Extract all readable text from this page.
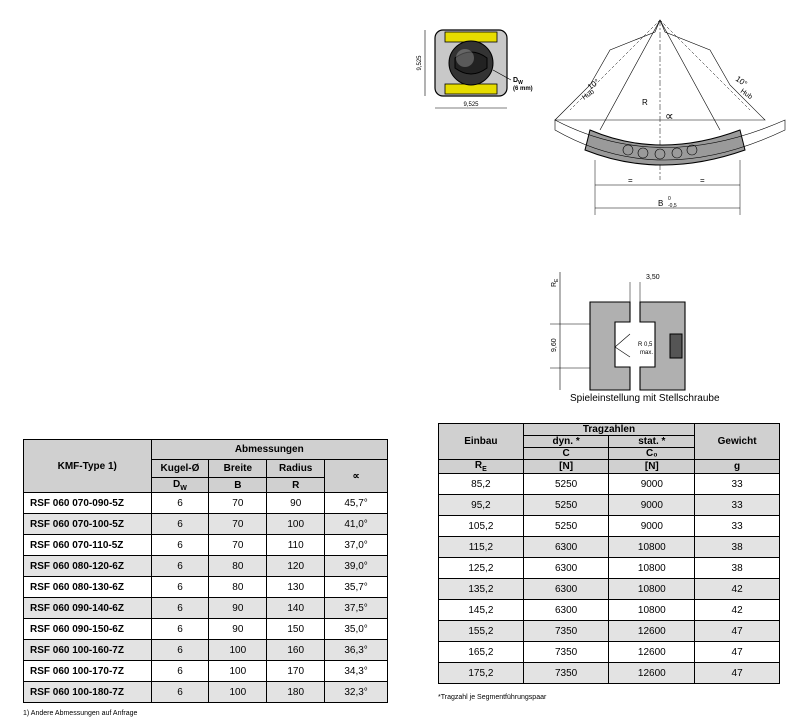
9,525
9,525
$D_W$
(6 mm)	10°
Hub
10°
Hub
R
∝
=	=
B 0
-0,5
$R_E$	3,50
9,60	R 0,5
max.
Spieleinstellung mit Stellschraube
KMF-Type 1)	Abmessungen			
	Kugel-Ø	Breite	Radius	∝
	$D_W$	B	R	
RSF 060 070-090-5Z	6	70	90	45,7°
RSF 060 070-100-5Z	6	70	100	41,0°
RSF 060 070-110-5Z	6	70	110	37,0°
RSF 060 080-120-6Z	6	80	120	39,0°
RSF 060 080-130-6Z	6	80	130	35,7°
RSF 060 090-140-6Z	6	90	140	37,5°
RSF 060 090-150-6Z	6	90	150	35,0°
RSF 060 100-160-7Z	6	100	160	36,3°
RSF 060 100-170-7Z	6	100	170	34,3°
RSF 060 100-180-7Z	6	100	180	32,3°
1) Andere Abmessungen auf Anfrage
Einbau	Tragzahlen		Gewicht
	dyn. *	stat. *	
	C	C₀	
$R_E$	[N]	[N]	g
85,2	5250	9000	33
95,2	5250	9000	33
105,2	5250	9000	33
115,2	6300	10800	38
125,2	6300	10800	38
135,2	6300	10800	42
145,2	6300	10800	42
155,2	7350	12600	47
165,2	7350	12600	47
175,2	7350	12600	47
*Tragzahl je Segmentführungspaar
